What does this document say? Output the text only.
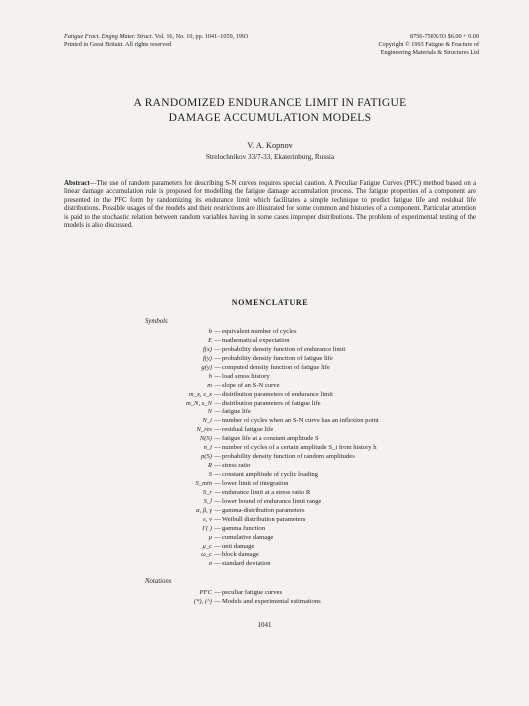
Fatigue Fract. Engng Mater. Struct. Vol. 16, No. 10, pp. 1041–1059, 1993
Printed in Great Britain. All rights reserved
8756-758X/93 $6.00 + 0.00
Copyright © 1993 Fatigue & Fracture of
Engineering Materials & Structures Ltd
A RANDOMIZED ENDURANCE LIMIT IN FATIGUE
DAMAGE ACCUMULATION MODELS
V. A. Kopnov
Strelochnikov 33/7-33, Ekaterinburg, Russia

Abstract—The use of random parameters for describing S-N curves requires special caution. A Peculiar Fatigue Curves (PFC) method based on a linear damage accumulation rule is proposed for modelling the fatigue damage accumulation process. The fatigue properties of a component are presented in the PFC form by randomizing its endurance limit which facilitates a simple technique to predict fatigue life and residual life distributions. Possible usages of the models and their restrictions are illustrated for some common and histories of a component. Particular attention is paid to the stochastic relation between random variables having in some cases improper distributions. The problem of experimental testing of the models is also discussed.

NOMENCLATURE
Symbols
b — equivalent number of cycles
E — mathematical expectation
f(x) — probability density function of endurance limit
f(y) — probability density function of fatigue life
g(y) — computed density function of fatigue life
h — load stress history
m — slope of an S-N curve
m_x, s_x — distribution parameters of endurance limit
m_N, s_N — distribution parameters of fatigue life
N — fatigue life
N_i — number of cycles when an S-N curve has an inflexion point
N_res — residual fatigue life
N(S) — fatigue life at a constant amplitude S
n_i — number of cycles of a certain amplitude S_i from history h
p(S) — probability density function of random amplitudes
R — stress ratio
S — constant amplitude of cyclic loading
S_min — lower limit of integration
S_r — endurance limit at a stress ratio R
S_l — lower bound of endurance limit range
α, β, γ — gamma-distribution parameters
ε, v — Weibull distribution parameters
Γ( ) — gamma function
μ — cumulative damage
μ_c — unit damage
ω_c — block damage
σ — standard deviation
Notations
PFC — peculiar fatigue curves
(*), (^) — Models and experimental estimations
1041
